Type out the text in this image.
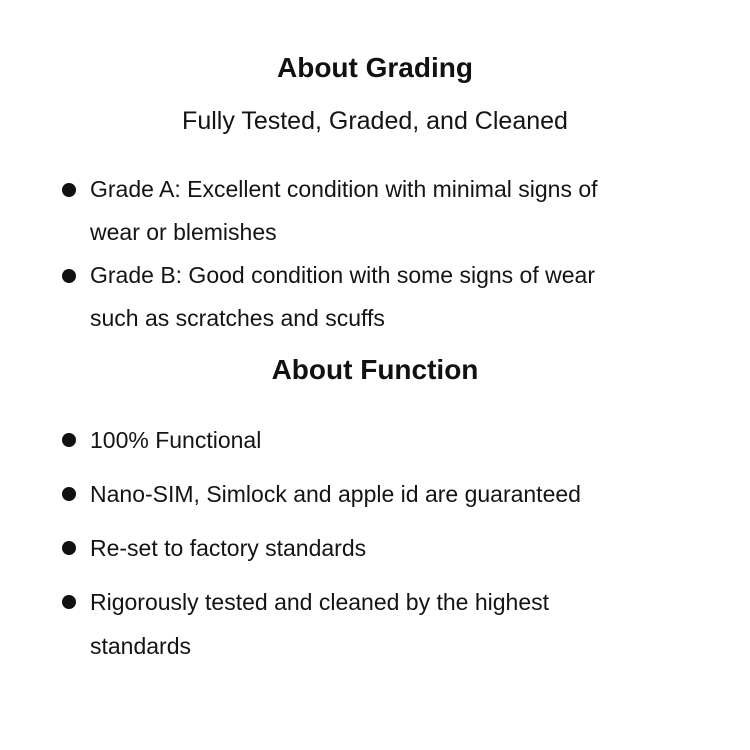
About Grading

Fully Tested, Graded, and Cleaned

Grade A: Excellent condition with minimal signs of
wear or blemishes
Grade B: Good condition with some signs of wear
such as scratches and scuffs
About Function
100% Functional
Nano-SIM, Simlock and apple id are guaranteed
Re-set to factory standards
Rigorously tested and cleaned by the highest
standards
